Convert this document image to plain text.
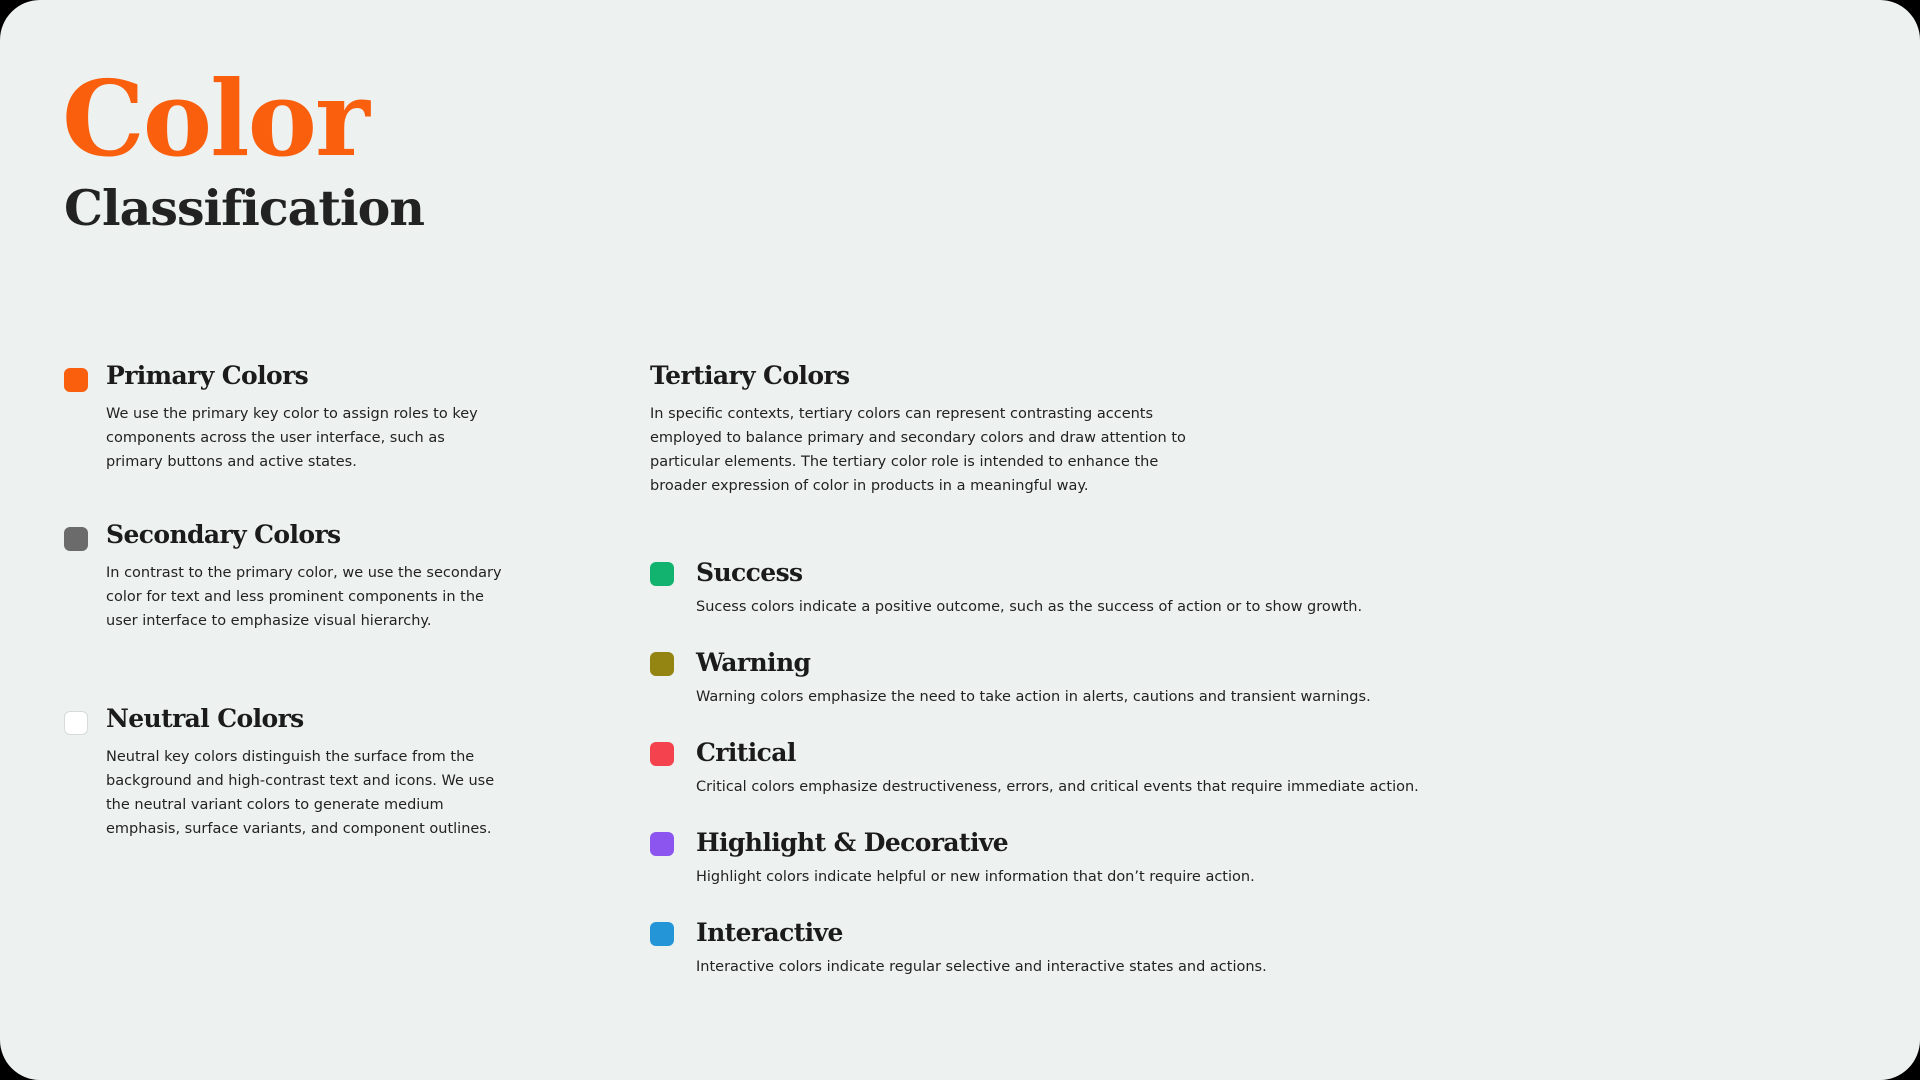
Color
Classification
Primary Colors

We use the primary key color to assign roles to key components across the user interface, such as primary buttons and active states.

Secondary Colors

In contrast to the primary color, we use the secondary color for text and less prominent components in the user interface to emphasize visual hierarchy.

Neutral Colors

Neutral key colors distinguish the surface from the background and high-contrast text and icons. We use the neutral variant colors to generate medium emphasis, surface variants, and component outlines.

Tertiary Colors

In specific contexts, tertiary colors can represent contrasting accents employed to balance primary and secondary colors and draw attention to particular elements. The tertiary color role is intended to enhance the broader expression of color in products in a meaningful way.

Success

Sucess colors indicate a positive outcome, such as the success of action or to show growth.

Warning

Warning colors emphasize the need to take action in alerts, cautions and transient warnings.

Critical

Critical colors emphasize destructiveness, errors, and critical events that require immediate action.

Highlight & Decorative

Highlight colors indicate helpful or new information that don’t require action.

Interactive

Interactive colors indicate regular selective and interactive states and actions.
